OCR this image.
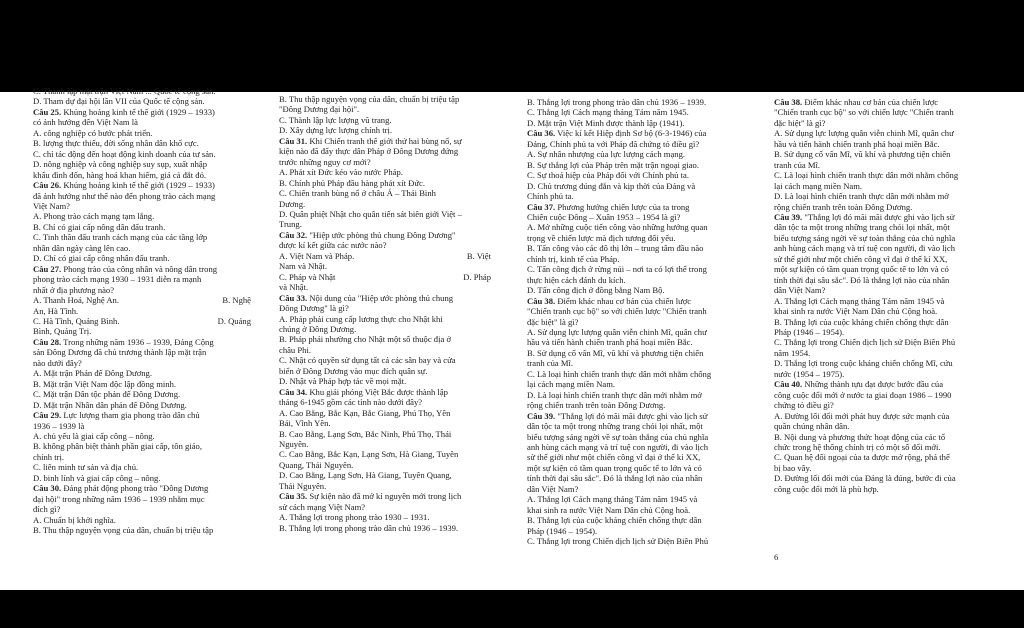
C. Thành lập mặt trận Việt Nam ... Quốc tế cộng sản.
D. Tham dự đại hội lần VII của Quốc tế cộng sản.
Câu 25. Khủng hoảng kinh tế thế giới (1929 – 1933)
có ảnh hưởng đến Việt Nam là
A. công nghiệp có bước phát triển.
B. lượng thực thiếu, đời sống nhân dân khổ cực.
C. chỉ tác động đến hoạt động kinh doanh của tư sản.
D. nông nghiệp và công nghiệp suy sụp, xuất nhập
khẩu đình đốn, hàng hoá khan hiếm, giá cả đắt đỏ.
Câu 26. Khủng hoảng kinh tế thế giới (1929 – 1933)
đã ảnh hưởng như thế nào đến phong trào cách mạng
Việt Nam?
A. Phong trào cách mạng tạm lắng.
B. Chỉ có giai cấp nông dân đấu tranh.
C. Tinh thần đấu tranh cách mạng của các tầng lớp
nhân dân ngày càng lên cao.
D. Chỉ có giai cấp công nhân đấu tranh.
Câu 27. Phong trào của công nhân và nông dân trong
phong trào cách mạng 1930 – 1931 diễn ra mạnh
nhất ở địa phương nào?
A. Thanh Hoá, Nghệ An.	B. Nghệ
An, Hà Tĩnh.
C. Hà Tĩnh, Quảng Bình.	D. Quảng
Bình, Quảng Trị.
Câu 28. Trong những năm 1936 – 1939, Đảng Cộng
sản Đông Dương đã chủ trương thành lập mặt trận
nào dưới đây?
A. Mặt trận Phản đế Đông Dương.
B. Mặt trận Việt Nam độc lập đồng minh.
C. Mặt trận Dân tộc phản đế Đông Dương.
D. Mặt trận Nhân dân phản đế Đông Dương.
Câu 29. Lực lượng tham gia phong trào dân chủ
1936 – 1939 là
A. chủ yếu là giai cấp công – nông.
B. không phân biệt thành phần giai cấp, tôn giáo,
chính trị.
C. liên minh tư sản và địa chủ.
D. binh lính và giai cấp công – nông.
Câu 30. Đảng phát động phong trào "Đông Dương
đại hội" trong những năm 1936 – 1939 nhằm mục
đích gì?
A. Chuẩn bị khởi nghĩa.
B. Thu thập nguyện vọng của dân, chuẩn bị triệu tập
B. Thu thập nguyện vọng của dân, chuẩn bị triệu tập
"Đông Dương đại hội".
C. Thành lập lực lượng vũ trang.
D. Xây dựng lực lượng chính trị.
Câu 31. Khi Chiến tranh thế giới thứ hai bùng nổ, sự
kiện nào đã đẩy thực dân Pháp ở Đông Dương đứng
trước những nguy cơ mới?
A. Phát xít Đức kéo vào nước Pháp.
B. Chính phủ Pháp đầu hàng phát xít Đức.
C. Chiến tranh bùng nổ ở châu Á – Thái Bình
Dương.
D. Quân phiệt Nhật cho quân tiến sát biên giới Việt –
Trung.
Câu 32. "Hiệp ước phòng thủ chung Đông Dương"
được kí kết giữa các nước nào?
A. Việt Nam và Pháp.	B. Việt
Nam và Nhật.
C. Pháp và Nhật	D. Pháp
và Nhật.
Câu 33. Nội dung của "Hiệp ước phòng thủ chung
Đông Dương" là gì?
A. Pháp phải cung cấp lương thực cho Nhật khi
chúng ở Đông Dương.
B. Pháp phải nhường cho Nhật một số thuộc địa ở
châu Phi.
C. Nhật có quyền sử dụng tất cả các sân bay và cửa
biển ở Đông Dương vào mục đích quân sự.
D. Nhật và Pháp hợp tác về mọi mặt.
Câu 34. Khu giải phóng Việt Bắc được thành lập
tháng 6-1945 gồm các tỉnh nào dưới đây?
A. Cao Bằng, Bắc Kạn, Bắc Giang, Phú Thọ, Yên
Bái, Vĩnh Yên.
B. Cao Bằng, Lạng Sơn, Bắc Ninh, Phú Thọ, Thái
Nguyên.
C. Cao Bằng, Bắc Kạn, Lạng Sơn, Hà Giang, Tuyên
Quang, Thái Nguyên.
D. Cao Bằng, Lạng Sơn, Hà Giang, Tuyên Quang,
Thái Nguyên.
Câu 35. Sự kiện nào đã mở kỉ nguyên mới trong lịch
sử cách mạng Việt Nam?
A. Thắng lợi trong phong trào 1930 – 1931.
B. Thắng lợi trong phong trào dân chủ 1936 – 1939.
B. Thắng lợi trong phong trào dân chủ 1936 – 1939.
C. Thắng lợi Cách mạng tháng Tám năm 1945.
D. Mặt trận Việt Minh được thành lập (1941).
Câu 36. Việc kí kết Hiệp định Sơ bộ (6-3-1946) của
Đảng, Chính phủ ta với Pháp đã chứng tỏ điều gì?
A. Sự nhân nhượng của lực lượng cách mạng.
B. Sự thắng lợi của Pháp trên mặt trận ngoại giao.
C. Sự thoả hiệp của Pháp đối với Chính phủ ta.
D. Chủ trương đúng đắn và kịp thời của Đảng và
Chính phủ ta.
Câu 37. Phương hướng chiến lược của ta trong
Chiến cuộc Đông – Xuân 1953 – 1954 là gì?
A. Mở những cuộc tiến công vào những hướng quan
trọng về chiến lược mà địch tương đối yếu.
B. Tấn công vào các đô thị lớn – trung tâm đầu não
chính trị, kinh tế của Pháp.
C. Tấn công địch ở rừng núi – nơi ta có lợi thế trong
thực hiện cách đánh du kích.
D. Tấn công địch ở đồng bằng Nam Bộ.
Câu 38. Điểm khác nhau cơ bản của chiến lược
"Chiến tranh cục bộ" so với chiến lược "Chiến tranh
đặc biệt" là gì?
A. Sử dụng lực lượng quân viễn chinh Mĩ, quân chư
hầu và tiến hành chiến tranh phá hoại miền Bắc.
B. Sử dụng cố vấn Mĩ, vũ khí và phương tiện chiến
tranh của Mĩ.
C. Là loại hình chiến tranh thực dân mới nhằm chống
lại cách mạng miền Nam.
D. Là loại hình chiến tranh thực dân mới nhằm mở
rộng chiến tranh trên toàn Đông Dương.
Câu 39. "Thắng lợi đó mãi mãi được ghi vào lịch sử
dân tộc ta một trong những trang chói lọi nhất, một
biểu tượng sáng ngời về sự toàn thắng của chủ nghĩa
anh hùng cách mạng và trí tuệ con người, đi vào lịch
sử thế giới như một chiến công vĩ đại ở thế kỉ XX,
một sự kiện có tầm quan trọng quốc tế to lớn và có
tính thời đại sâu sắc". Đó là thắng lợi nào của nhân
dân Việt Nam?
A. Thắng lợi Cách mạng tháng Tám năm 1945 và
khai sinh ra nước Việt Nam Dân chủ Cộng hoà.
B. Thắng lợi của cuộc kháng chiến chống thực dân
Pháp (1946 – 1954).
C. Thắng lợi trong Chiến dịch lịch sử Điện Biên Phủ
Câu 38. Điểm khác nhau cơ bản của chiến lược
"Chiến tranh cục bộ" so với chiến lược "Chiến tranh
đặc biệt" là gì?
A. Sử dụng lực lượng quân viễn chinh Mĩ, quân chư
hầu và tiến hành chiến tranh phá hoại miền Bắc.
B. Sử dụng cố vấn Mĩ, vũ khí và phương tiện chiến
tranh của Mĩ.
C. Là loại hình chiến tranh thực dân mới nhằm chống
lại cách mạng miền Nam.
D. Là loại hình chiến tranh thực dân mới nhằm mở
rộng chiến tranh trên toàn Đông Dương.
Câu 39. "Thắng lợi đó mãi mãi được ghi vào lịch sử
dân tộc ta một trong những trang chói lọi nhất, một
biểu tượng sáng ngời về sự toàn thắng của chủ nghĩa
anh hùng cách mạng và trí tuệ con người, đi vào lịch
sử thế giới như một chiến công vĩ đại ở thế kỉ XX,
một sự kiện có tầm quan trọng quốc tế to lớn và có
tính thời đại sâu sắc". Đó là thắng lợi nào của nhân
dân Việt Nam?
A. Thắng lợi Cách mạng tháng Tám năm 1945 và
khai sinh ra nước Việt Nam Dân chủ Cộng hoà.
B. Thắng lợi của cuộc kháng chiến chống thực dân
Pháp (1946 – 1954).
C. Thắng lợi trong Chiến dịch lịch sử Điện Biên Phủ
năm 1954.
D. Thắng lợi trong cuộc kháng chiến chống Mĩ, cứu
nước (1954 – 1975).
Câu 40. Những thành tựu đạt được bước đầu của
công cuộc đổi mới ở nước ta giai đoạn 1986 – 1990
chứng tỏ điều gì?
A. Đường lối đổi mới phát huy được sức mạnh của
quần chúng nhân dân.
B. Nội dung và phương thức hoạt động của các tổ
chức trong hệ thống chính trị có một số đổi mới.
C. Quan hệ đối ngoại của ta được mở rộng, phá thế
bị bao vây.
D. Đường lối đổi mới của Đảng là đúng, bước đi của
công cuộc đổi mới là phù hợp.
6
